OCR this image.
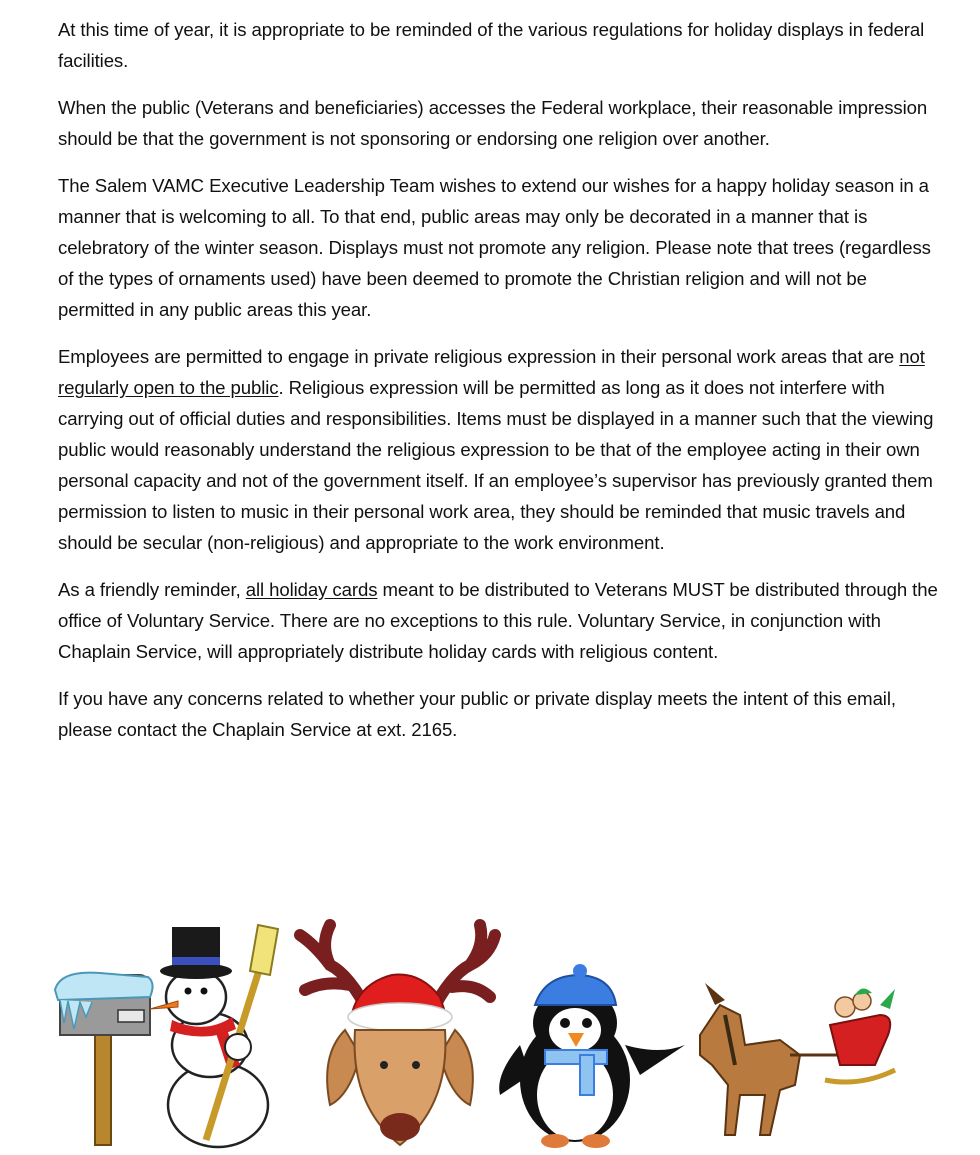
At this time of year, it is appropriate to be reminded of the various regulations for holiday displays in federal facilities.

When the public (Veterans and beneficiaries) accesses the Federal workplace, their reasonable impression should be that the government is not sponsoring or endorsing one religion over another.

The Salem VAMC Executive Leadership Team wishes to extend our wishes for a happy holiday season in a manner that is welcoming to all. To that end, public areas may only be decorated in a manner that is celebratory of the winter season. Displays must not promote any religion. Please note that trees (regardless of the types of ornaments used) have been deemed to promote the Christian religion and will not be permitted in any public areas this year.

Employees are permitted to engage in private religious expression in their personal work areas that are not regularly open to the public. Religious expression will be permitted as long as it does not interfere with carrying out of official duties and responsibilities. Items must be displayed in a manner such that the viewing public would reasonably understand the religious expression to be that of the employee acting in their own personal capacity and not of the government itself. If an employee’s supervisor has previously granted them permission to listen to music in their personal work area, they should be reminded that music travels and should be secular (non-religious) and appropriate to the work environment.

As a friendly reminder, all holiday cards meant to be distributed to Veterans MUST be distributed through the office of Voluntary Service. There are no exceptions to this rule. Voluntary Service, in conjunction with Chaplain Service, will appropriately distribute holiday cards with religious content.

If you have any concerns related to whether your public or private display meets the intent of this email, please contact the Chaplain Service at ext. 2165.
